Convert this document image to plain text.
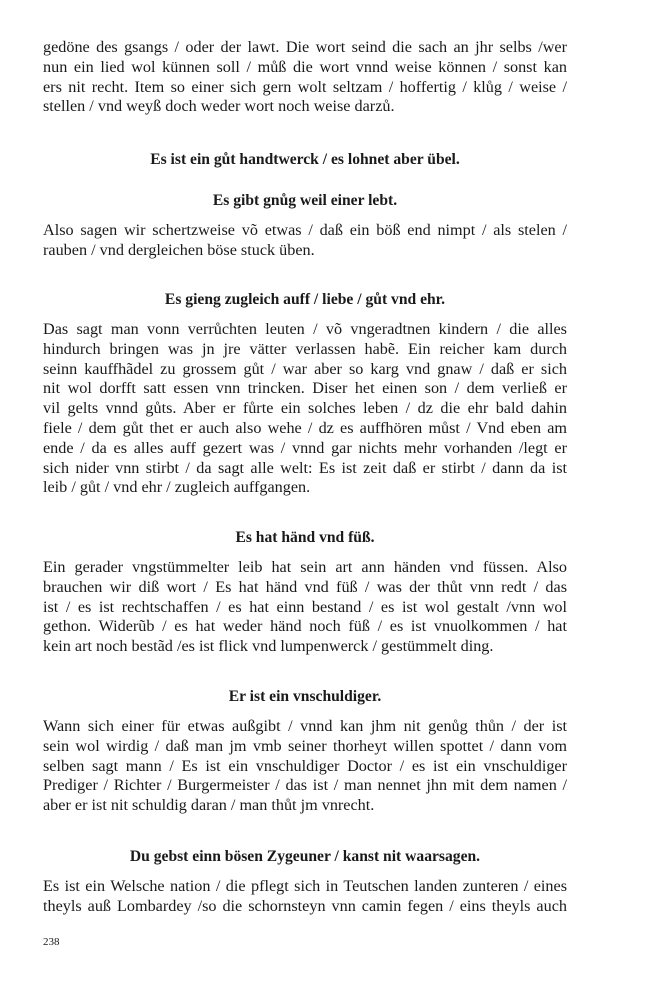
gedöne des gsangs / oder der lawt. Die wort seind die sach an jhr selbs /wer
nun ein lied wol künnen soll / můß die wort vnnd weise können / sonst kan
ers nit recht. Item so einer sich gern wolt seltzam / hoffertig / klůg / weise /
stellen / vnd weyß doch weder wort noch weise darzů.

Es ist ein gůt handtwerck / es lohnet aber übel.

Es gibt gnůg weil einer lebt.

Also sagen wir schertzweise võ etwas / daß ein böß end nimpt / als stelen /
rauben / vnd dergleichen böse stuck üben.

Es gieng zugleich auff / liebe / gůt vnd ehr.

Das sagt man vonn verrůchten leuten / võ vngeradtnen kindern / die alles
hindurch bringen was jn jre vätter verlassen habẽ. Ein reicher kam durch
seinn kauffhãdel zu grossem gůt / war aber so karg vnd gnaw / daß er sich
nit wol dorfft satt essen vnn trincken. Diser het einen son / dem verließ er
vil gelts vnnd gůts. Aber er fůrte ein solches leben / dz die ehr bald dahin
fiele / dem gůt thet er auch also wehe / dz es auffhören můst / Vnd eben am
ende / da es alles auff gezert was / vnnd gar nichts mehr vorhanden /legt er
sich nider vnn stirbt / da sagt alle welt: Es ist zeit daß er stirbt / dann da ist
leib / gůt / vnd ehr / zugleich auffgangen.

Es hat händ vnd füß.

Ein gerader vngstümmelter leib hat sein art ann händen vnd füssen. Also
brauchen wir diß wort / Es hat händ vnd füß / was der thůt vnn redt / das
ist / es ist rechtschaffen / es hat einn bestand / es ist wol gestalt /vnn wol
gethon. Widerũb / es hat weder händ noch füß / es ist vnuolkommen / hat
kein art noch bestãd /es ist flick vnd lumpenwerck / gestümmelt ding.

Er ist ein vnschuldiger.

Wann sich einer für etwas außgibt / vnnd kan jhm nit genůg thůn / der ist
sein wol wirdig / daß man jm vmb seiner thorheyt willen spottet / dann vom
selben sagt mann / Es ist ein vnschuldiger Doctor / es ist ein vnschuldiger
Prediger / Richter / Burgermeister / das ist / man nennet jhn mit dem namen /
aber er ist nit schuldig daran / man thůt jm vnrecht.

Du gebst einn bösen Zygeuner / kanst nit waarsagen.

Es ist ein Welsche nation / die pflegt sich in Teutschen landen zunteren / eines
theyls auß Lombardey /so die schornsteyn vnn camin fegen / eins theyls auch

238
